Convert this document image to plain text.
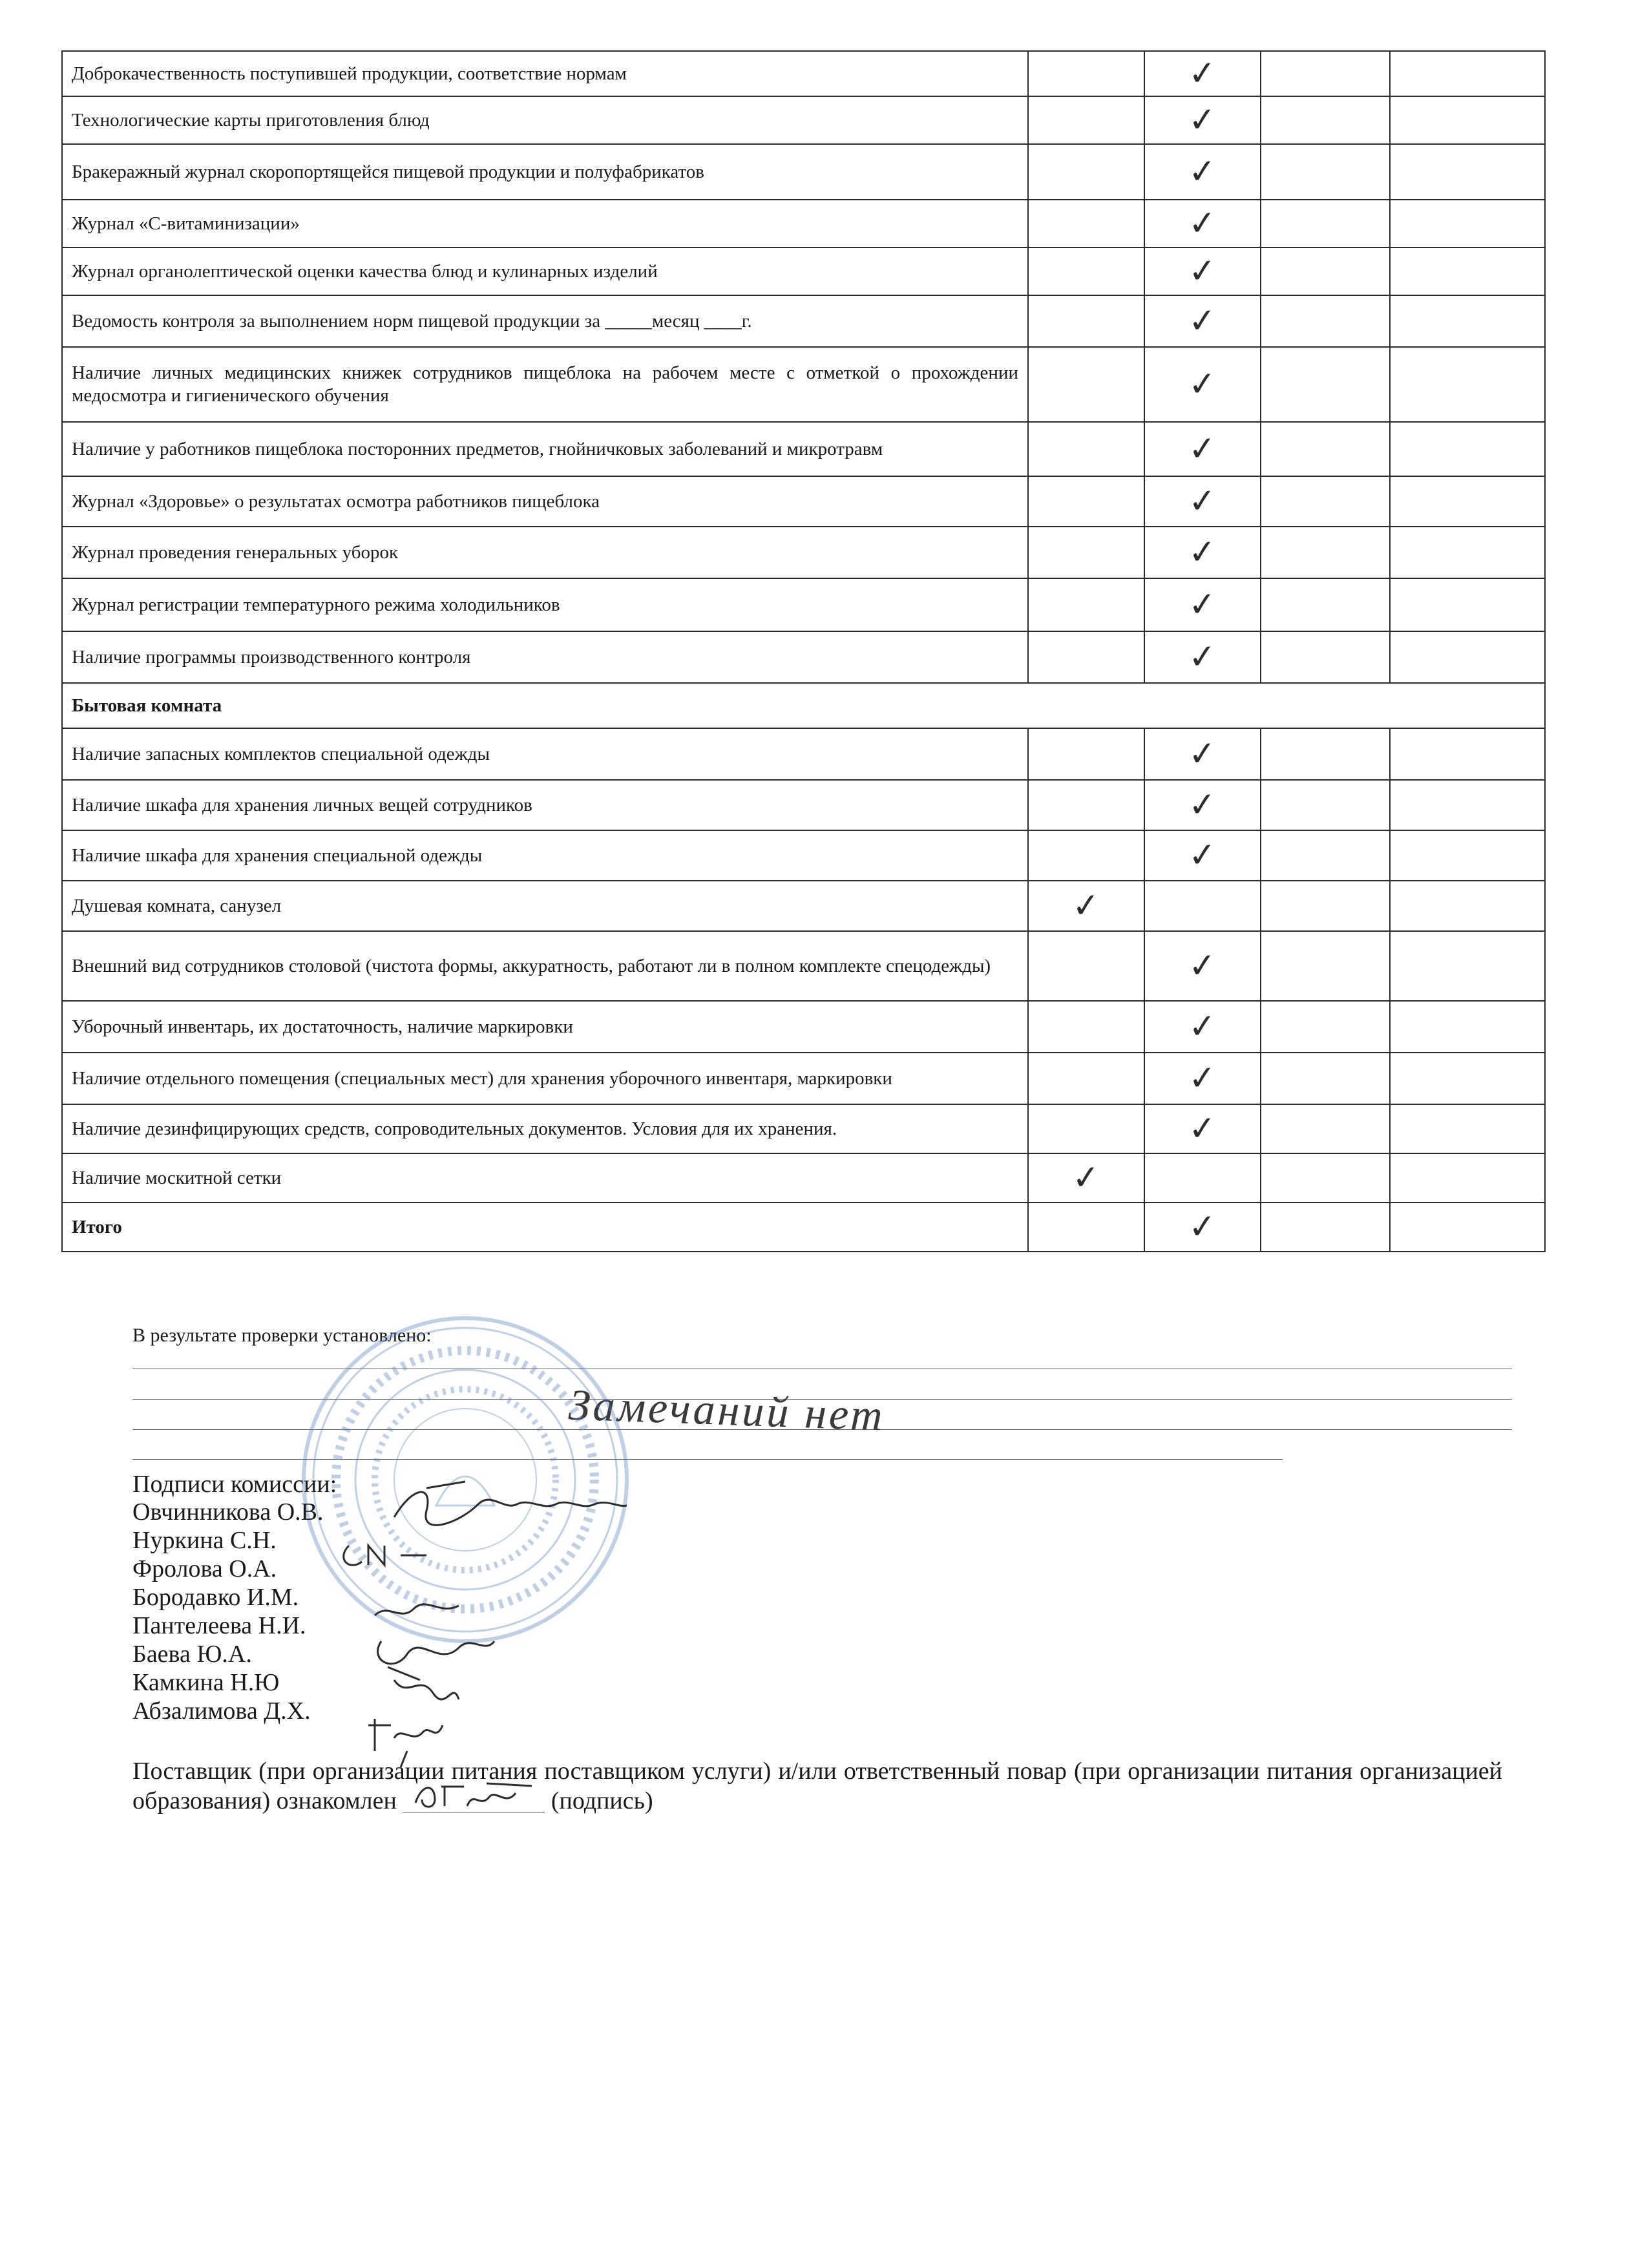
Доброкачественность поступившей продукции, соответствие нормам		✓		
Технологические карты приготовления блюд		✓		
Бракеражный журнал скоропортящейся пищевой продукции и полуфабрикатов		✓		
Журнал «С-витаминизации»		✓		
Журнал органолептической оценки качества блюд и кулинарных изделий		✓		
Ведомость контроля за выполнением норм пищевой продукции за _____месяц ____г.		✓		
Наличие личных медицинских книжек сотрудников пищеблока на рабочем месте с отметкой о прохождении медосмотра и гигиенического обучения		✓		
Наличие у работников пищеблока посторонних предметов, гнойничковых заболеваний и микротравм		✓		
Журнал «Здоровье» о результатах осмотра работников пищеблока		✓		
Журнал проведения генеральных уборок		✓		
Журнал регистрации температурного режима холодильников		✓		
Наличие программы производственного контроля		✓		
Бытовая комната				
Наличие запасных комплектов специальной одежды		✓		
Наличие шкафа для хранения личных вещей сотрудников		✓		
Наличие шкафа для хранения специальной одежды		✓		
Душевая комната, санузел	✓			
Внешний вид сотрудников столовой (чистота формы, аккуратность, работают ли в полном комплекте спецодежды)		✓		
Уборочный инвентарь, их достаточность, наличие маркировки		✓		
Наличие отдельного помещения (специальных мест) для хранения уборочного инвентаря, маркировки		✓		
Наличие дезинфицирующих средств, сопроводительных документов. Условия для их хранения.		✓		
Наличие москитной сетки	✓			
Итого		✓		
В результате проверки установлено:
Замечаний нет
Подписи комиссии:
Овчинникова О.В.
Нуркина С.Н.
Фролова О.А.
Бородавко И.М.
Пантелеева Н.И.
Баева Ю.А.
Камкина Н.Ю
Абзалимова Д.Х.
Поставщик (при организации питания поставщиком услуги) и/или ответственный повар (при организации питания организацией образования) ознакомлен	(подпись)
